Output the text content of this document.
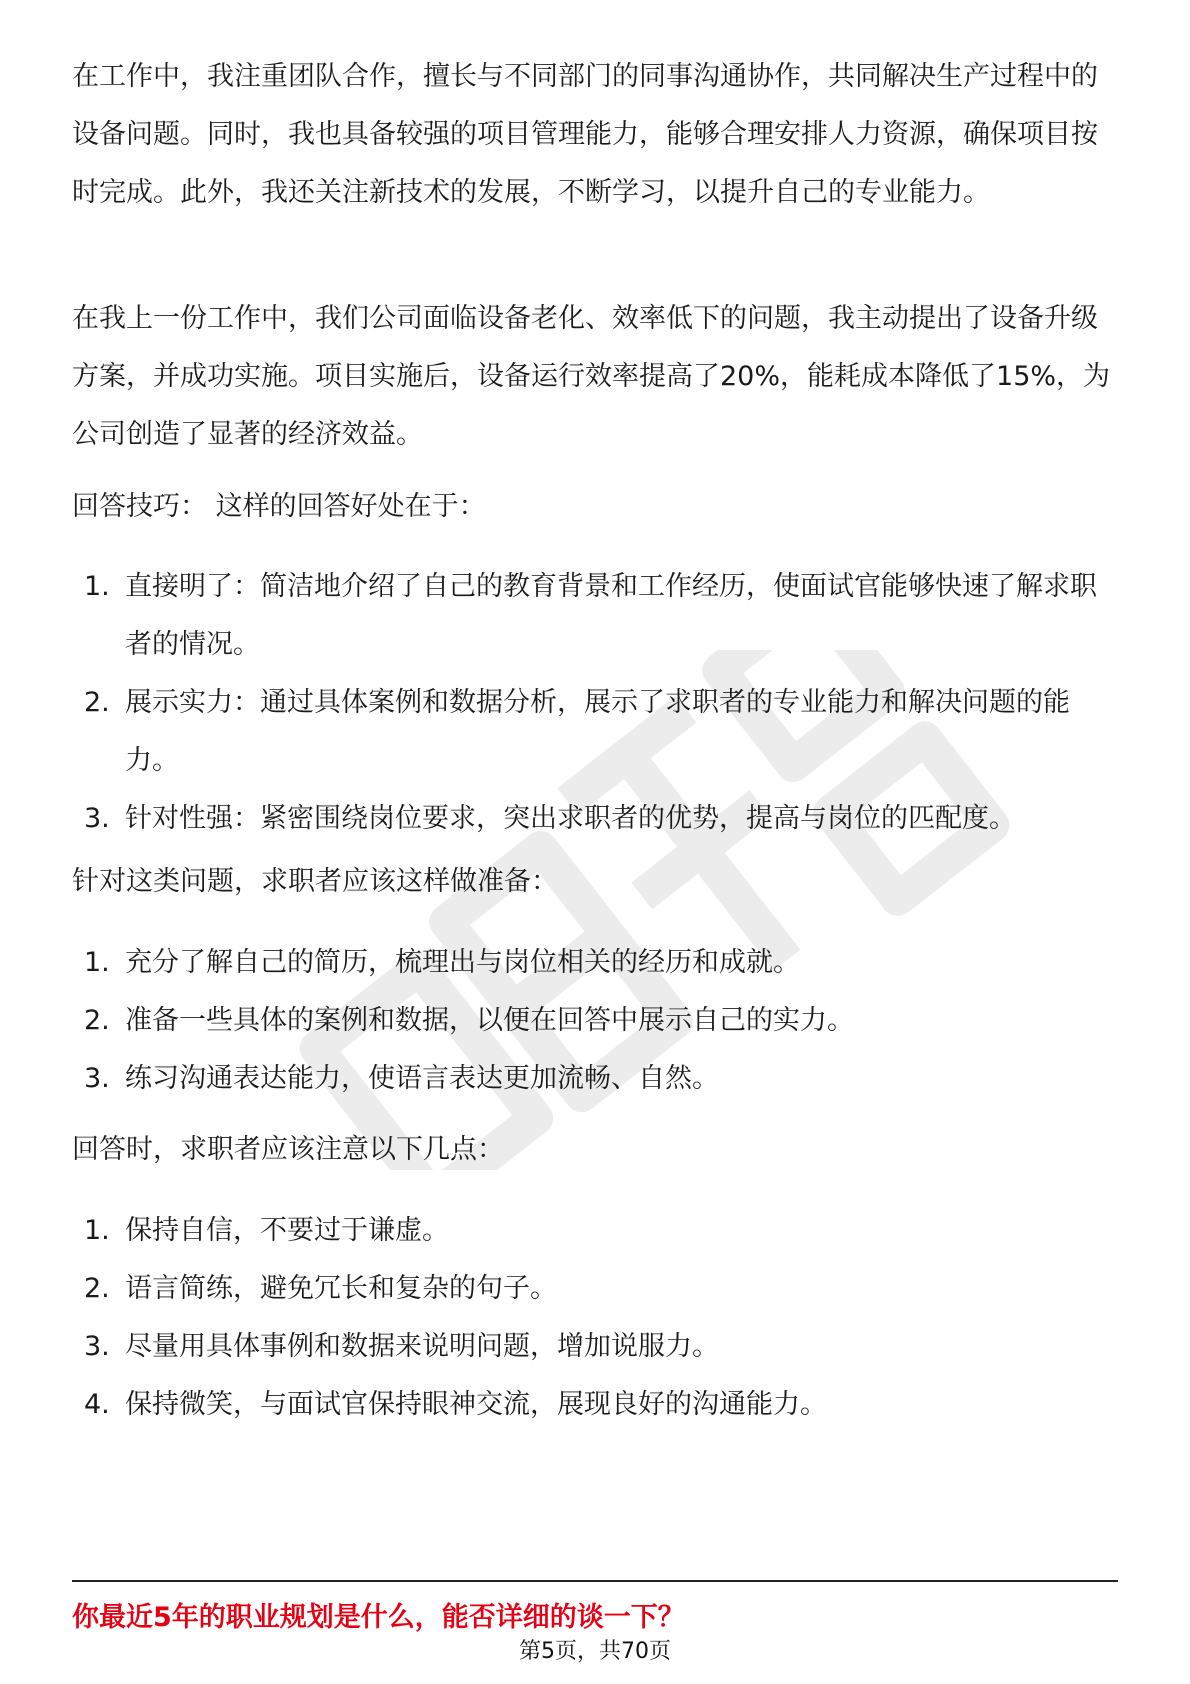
在工作中，我注重团队合作，擅长与不同部门的同事沟通协作，共同解决生产过程中的设备问题。同时，我也具备较强的项目管理能力，能够合理安排人力资源，确保项目按时完成。此外，我还关注新技术的发展，不断学习，以提升自己的专业能力。

在我上一份工作中，我们公司面临设备老化、效率低下的问题，我主动提出了设备升级方案，并成功实施。项目实施后，设备运行效率提高了20%，能耗成本降低了15%，为公司创造了显著的经济效益。

回答技巧： 这样的回答好处在于：

1. 直接明了：简洁地介绍了自己的教育背景和工作经历，使面试官能够快速了解求职者的情况。
2. 展示实力：通过具体案例和数据分析，展示了求职者的专业能力和解决问题的能力。
3. 针对性强：紧密围绕岗位要求，突出求职者的优势，提高与岗位的匹配度。

针对这类问题，求职者应该这样做准备：

1. 充分了解自己的简历，梳理出与岗位相关的经历和成就。
2. 准备一些具体的案例和数据，以便在回答中展示自己的实力。
3. 练习沟通表达能力，使语言表达更加流畅、自然。

回答时，求职者应该注意以下几点：

1. 保持自信，不要过于谦虚。
2. 语言简练，避免冗长和复杂的句子。
3. 尽量用具体事例和数据来说明问题，增加说服力。
4. 保持微笑，与面试官保持眼神交流，展现良好的沟通能力。

你最近5年的职业规划是什么，能否详细的谈一下？

第5页，共70页
